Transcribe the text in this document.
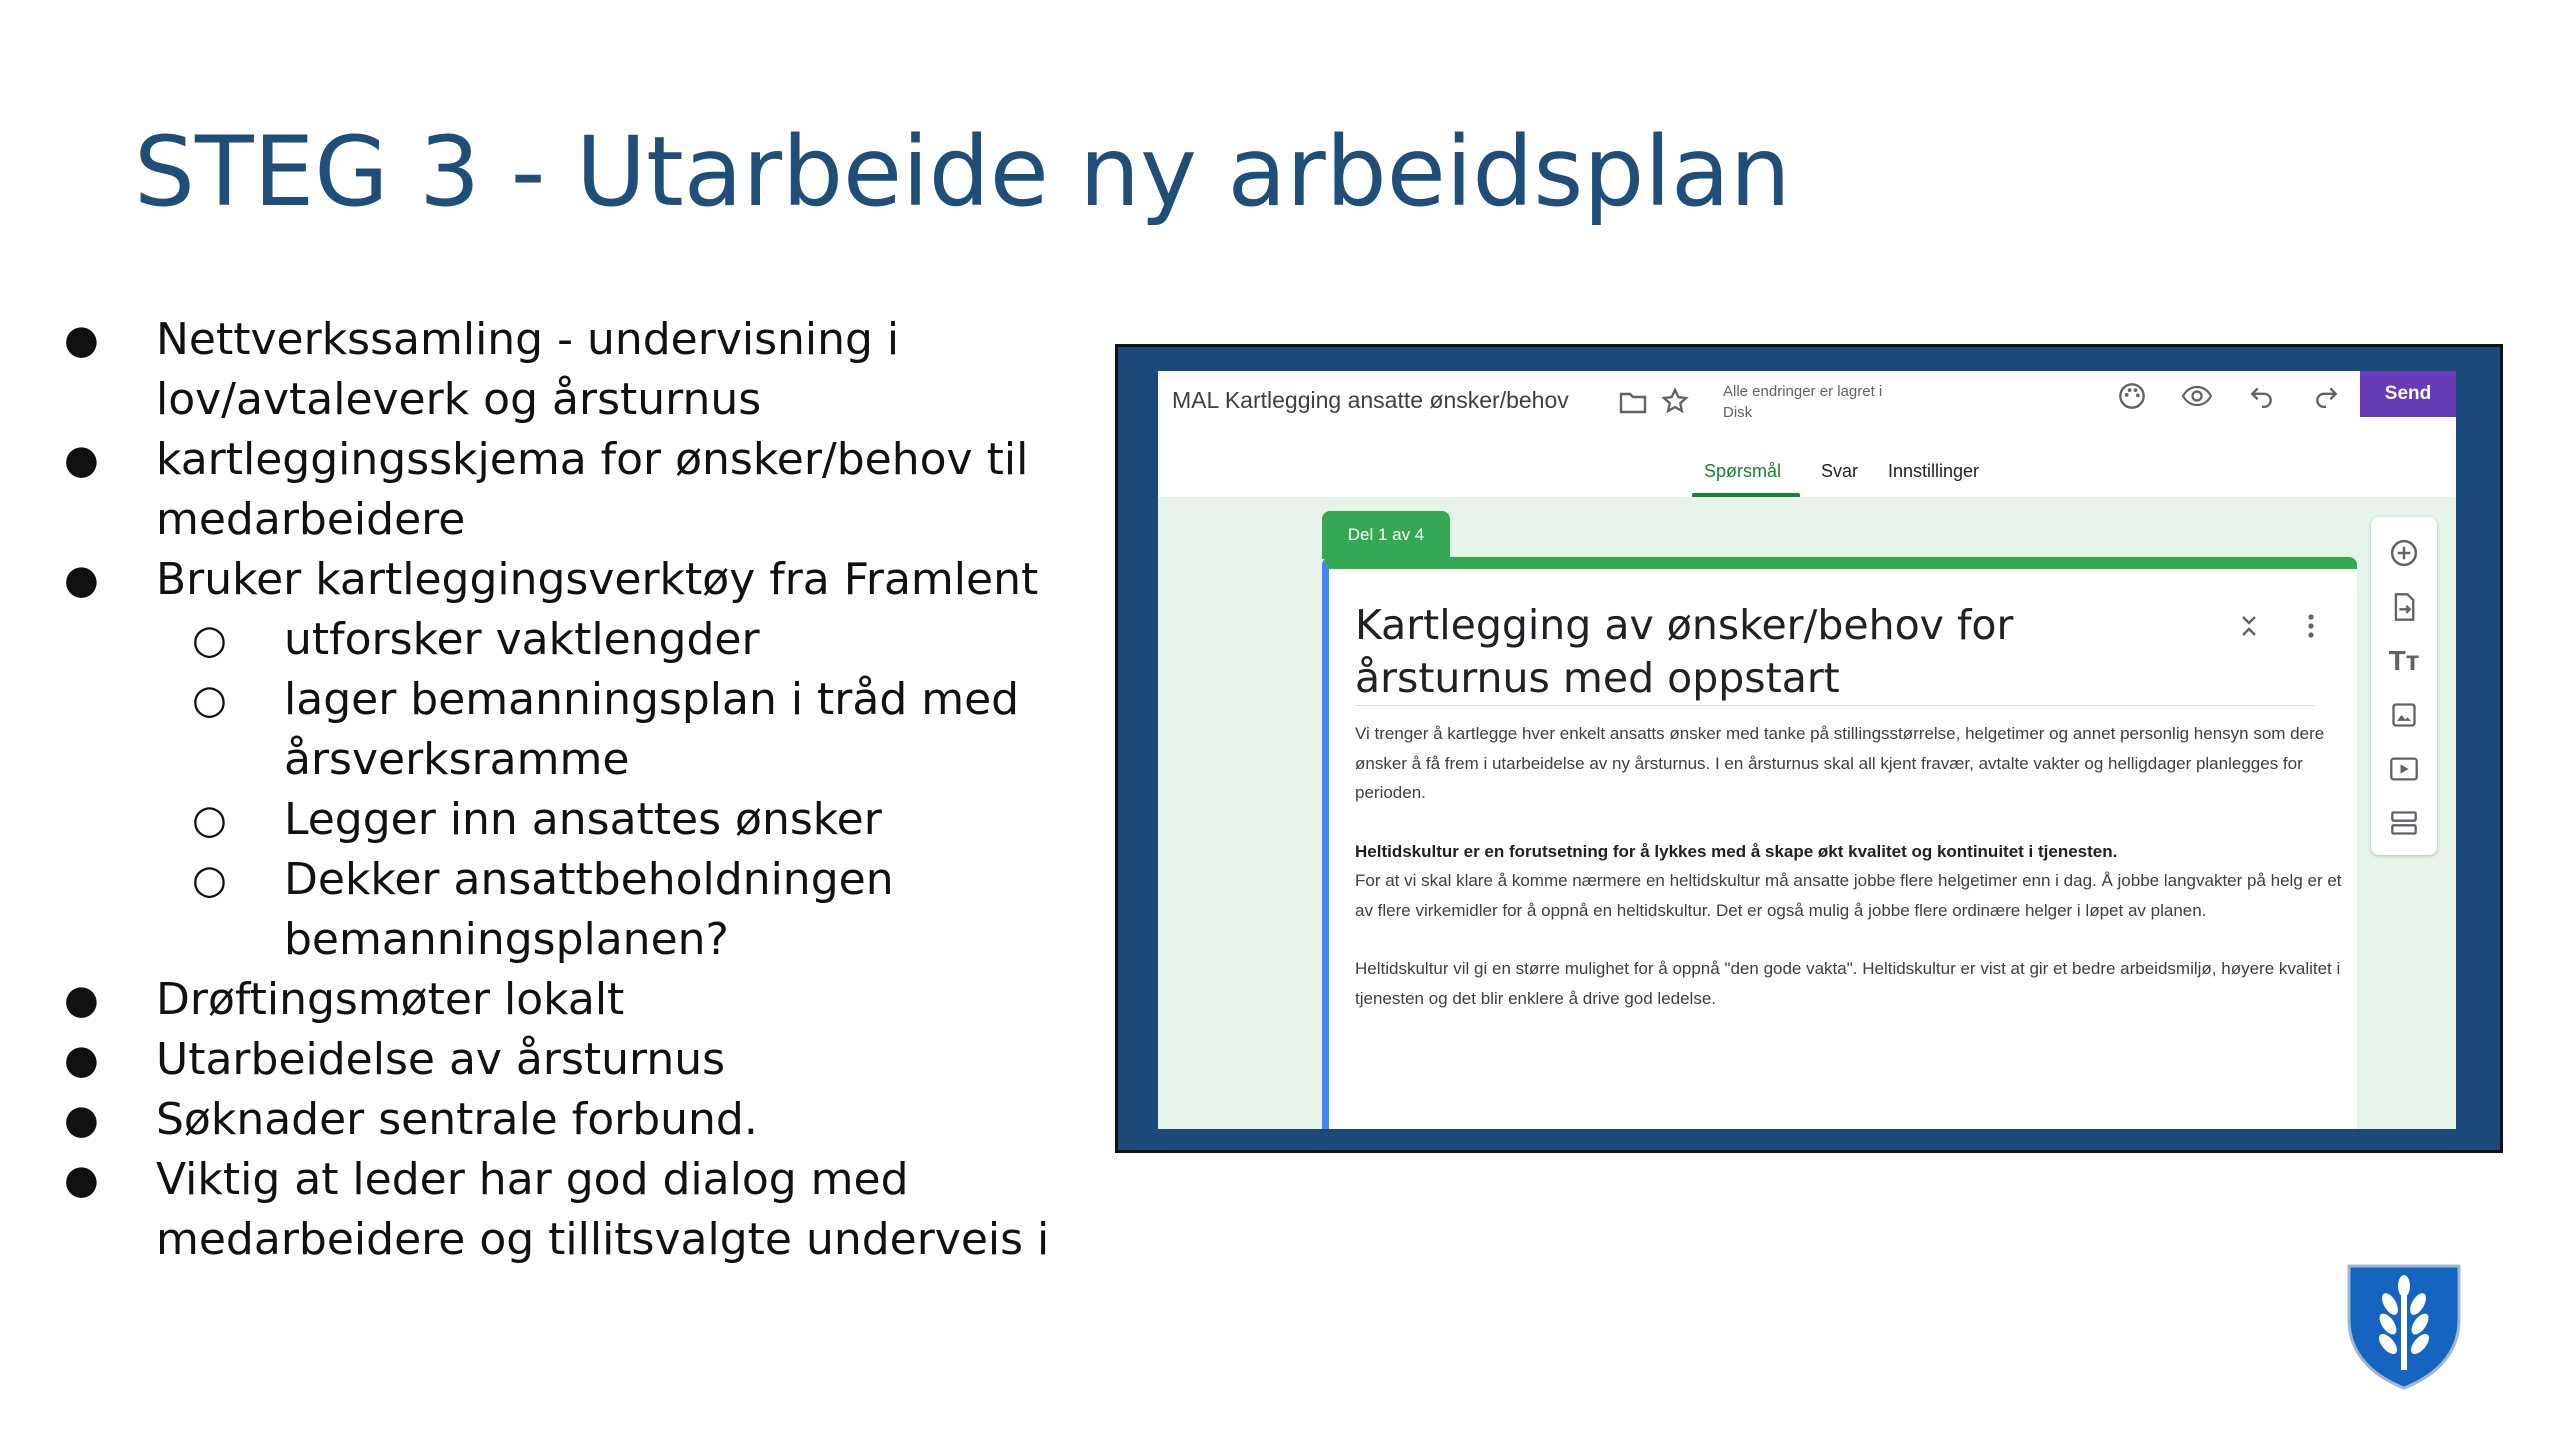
STEG 3 - Utarbeide ny arbeidsplan
● Nettverkssamling - undervisning i
lov/avtaleverk og årsturnus
● kartleggingsskjema for ønsker/behov til
medarbeidere
● Bruker kartleggingsverktøy fra Framlent
○ utforsker vaktlengder
○ lager bemanningsplan i tråd med
årsverksramme
○ Legger inn ansattes ønsker
○ Dekker ansattbeholdningen
bemanningsplanen?
● Drøftingsmøter lokalt
● Utarbeidelse av årsturnus
● Søknader sentrale forbund.
● Viktig at leder har god dialog med
medarbeidere og tillitsvalgte underveis i
MAL Kartlegging ansatte ønsker/behov	Alle endringer er lagret i
Disk
Send
Spørsmål Svar Innstillinger
Del 1 av 4
Kartlegging av ønsker/behov for årsturnus med oppstart

Vi trenger å kartlegge hver enkelt ansatts ønsker med tanke på stillingsstørrelse, helgetimer og annet personlig hensyn som dere ønsker å få frem i utarbeidelse av ny årsturnus. I en årsturnus skal all kjent fravær, avtalte vakter og helligdager planlegges for perioden.

Heltidskultur er en forutsetning for å lykkes med å skape økt kvalitet og kontinuitet i tjenesten.

For at vi skal klare å komme nærmere en heltidskultur må ansatte jobbe flere helgetimer enn i dag. Å jobbe langvakter på helg er et av flere virkemidler for å oppnå en heltidskultur. Det er også mulig å jobbe flere ordinære helger i løpet av planen.

Heltidskultur vil gi en større mulighet for å oppnå "den gode vakta". Heltidskultur er vist at gir et bedre arbeidsmiljø, høyere kvalitet i tjenesten og det blir enklere å drive god ledelse.

Tт
